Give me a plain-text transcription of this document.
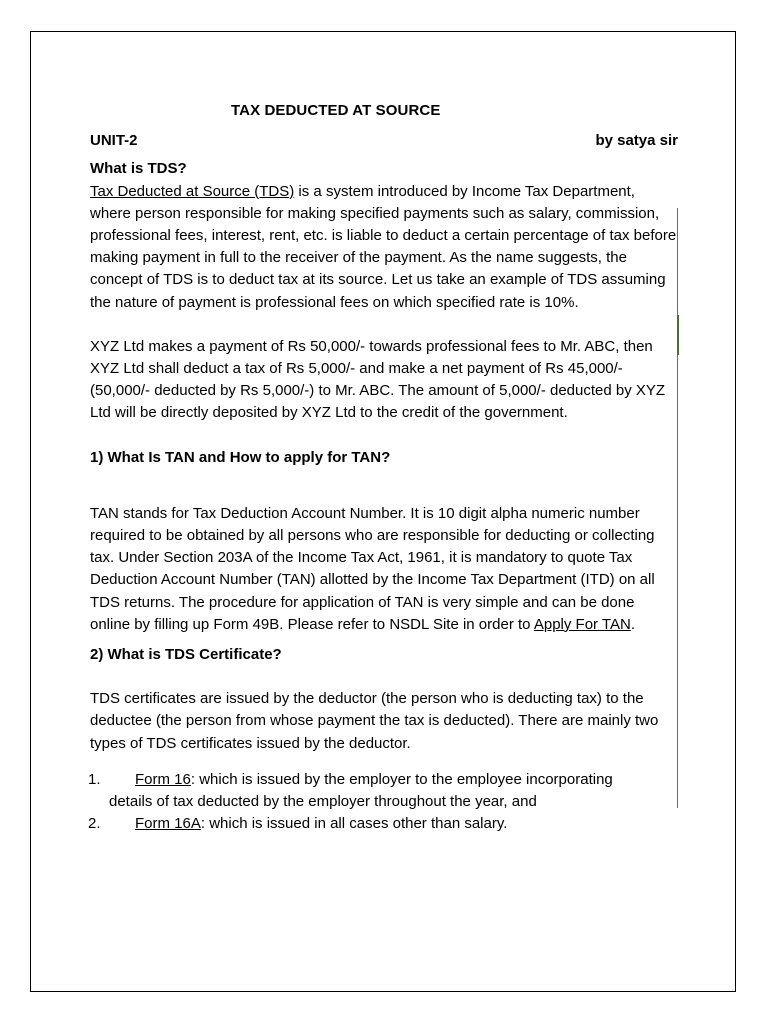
TAX DEDUCTED AT SOURCE
UNIT-2	by satya sir
What is TDS?

Tax Deducted at Source (TDS) is a system introduced by Income Tax Department, where person responsible for making specified payments such as salary, commission, professional fees, interest, rent, etc. is liable to deduct a certain percentage of tax before making payment in full to the receiver of the payment. As the name suggests, the concept of TDS is to deduct tax at its source. Let us take an example of TDS assuming the nature of payment is professional fees on which specified rate is 10%.

XYZ Ltd makes a payment of Rs 50,000/- towards professional fees to Mr. ABC, then XYZ Ltd shall deduct a tax of Rs 5,000/- and make a net payment of Rs 45,000/- (50,000/- deducted by Rs 5,000/-) to Mr. ABC. The amount of 5,000/- deducted by XYZ Ltd will be directly deposited by XYZ Ltd to the credit of the government.

1) What Is TAN and How to apply for TAN?

TAN stands for Tax Deduction Account Number. It is 10 digit alpha numeric number required to be obtained by all persons who are responsible for deducting or collecting tax. Under Section 203A of the Income Tax Act, 1961, it is mandatory to quote Tax Deduction Account Number (TAN) allotted by the Income Tax Department (ITD) on all TDS returns. The procedure for application of TAN is very simple and can be done online by filling up Form 49B. Please refer to NSDL Site in order to Apply For TAN.

2) What is TDS Certificate?

TDS certificates are issued by the deductor (the person who is deducting tax) to the deductee (the person from whose payment the tax is deducted). There are mainly two types of TDS certificates issued by the deductor.

1. Form 16: which is issued by the employer to the employee incorporating
details of tax deducted by the employer throughout the year, and
2. Form 16A: which is issued in all cases other than salary.
